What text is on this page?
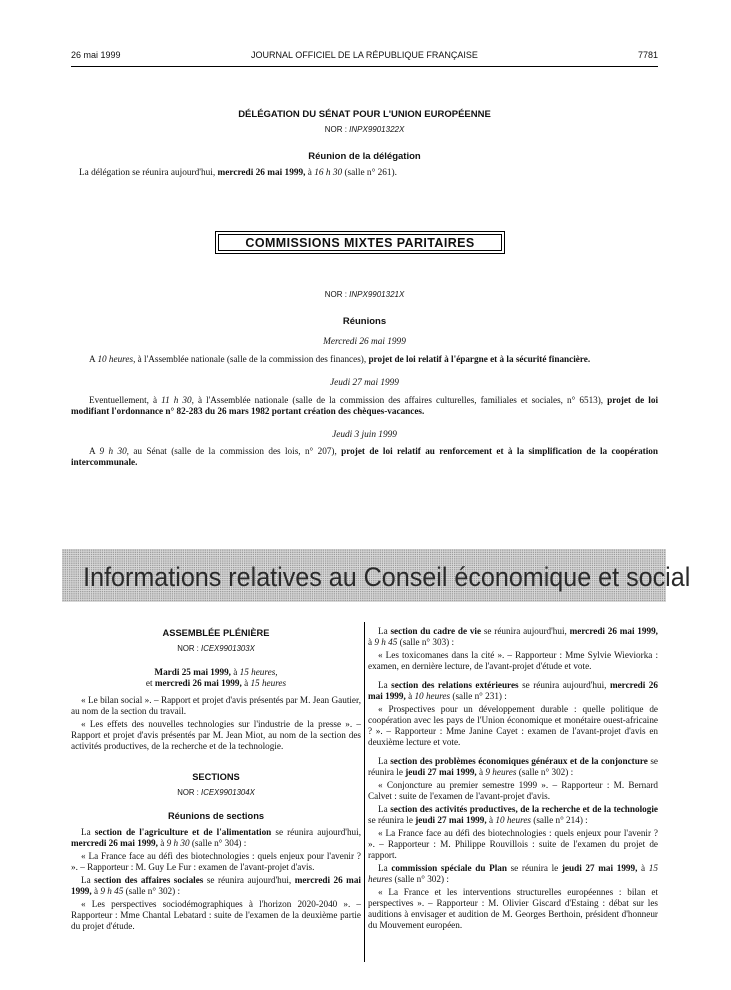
26 mai 1999	JOURNAL OFFICIEL DE LA RÉPUBLIQUE FRANÇAISE	7781
DÉLÉGATION DU SÉNAT POUR L'UNION EUROPÉENNE
NOR : INPX9901322X
Réunion de la délégation
La délégation se réunira aujourd'hui, mercredi 26 mai 1999, à 16 h 30 (salle n° 261).
COMMISSIONS MIXTES PARITAIRES
NOR : INPX9901321X
Réunions
Mercredi 26 mai 1999
A 10 heures, à l'Assemblée nationale (salle de la commission des finances), projet de loi relatif à l'épargne et à la sécurité financière.
Jeudi 27 mai 1999
Eventuellement, à 11 h 30, à l'Assemblée nationale (salle de la commission des affaires culturelles, familiales et sociales, n° 6513), projet de loi modifiant l'ordonnance n° 82-283 du 26 mars 1982 portant création des chèques-vacances.
Jeudi 3 juin 1999
A 9 h 30, au Sénat (salle de la commission des lois, n° 207), projet de loi relatif au renforcement et à la simplification de la coopération intercommunale.
Informations relatives au Conseil économique et social
ASSEMBLÉE PLÉNIÈRE
NOR : ICEX9901303X
Mardi 25 mai 1999, à 15 heures,
et mercredi 26 mai 1999, à 15 heures

« Le bilan social ». – Rapport et projet d'avis présentés par M. Jean Gautier, au nom de la section du travail.

« Les effets des nouvelles technologies sur l'industrie de la presse ». – Rapport et projet d'avis présentés par M. Jean Miot, au nom de la section des activités productives, de la recherche et de la technologie.

SECTIONS
NOR : ICEX9901304X
Réunions de sections

La section de l'agriculture et de l'alimentation se réunira aujourd'hui, mercredi 26 mai 1999, à 9 h 30 (salle n° 304) :

« La France face au défi des biotechnologies : quels enjeux pour l'avenir ? ». – Rapporteur : M. Guy Le Fur : examen de l'avant-projet d'avis.

La section des affaires sociales se réunira aujourd'hui, mercredi 26 mai 1999, à 9 h 45 (salle n° 302) :

« Les perspectives sociodémographiques à l'horizon 2020-2040 ». – Rapporteur : Mme Chantal Lebatard : suite de l'examen de la deuxième partie du projet d'étude.

La section du cadre de vie se réunira aujourd'hui, mercredi 26 mai 1999, à 9 h 45 (salle n° 303) :

« Les toxicomanes dans la cité ». – Rapporteur : Mme Sylvie Wieviorka : examen, en dernière lecture, de l'avant-projet d'étude et vote.

La section des relations extérieures se réunira aujourd'hui, mercredi 26 mai 1999, à 10 heures (salle n° 231) :

« Prospectives pour un développement durable : quelle politique de coopération avec les pays de l'Union économique et monétaire ouest-africaine ? ». – Rapporteur : Mme Janine Cayet : examen de l'avant-projet d'avis en deuxième lecture et vote.

La section des problèmes économiques généraux et de la conjoncture se réunira le jeudi 27 mai 1999, à 9 heures (salle n° 302) :

« Conjoncture au premier semestre 1999 ». – Rapporteur : M. Bernard Calvet : suite de l'examen de l'avant-projet d'avis.

La section des activités productives, de la recherche et de la technologie se réunira le jeudi 27 mai 1999, à 10 heures (salle n° 214) :

« La France face au défi des biotechnologies : quels enjeux pour l'avenir ? ». – Rapporteur : M. Philippe Rouvillois : suite de l'examen du projet de rapport.

La commission spéciale du Plan se réunira le jeudi 27 mai 1999, à 15 heures (salle n° 302) :

« La France et les interventions structurelles européennes : bilan et perspectives ». – Rapporteur : M. Olivier Giscard d'Estaing : débat sur les auditions à envisager et audition de M. Georges Berthoin, président d'honneur du Mouvement européen.
